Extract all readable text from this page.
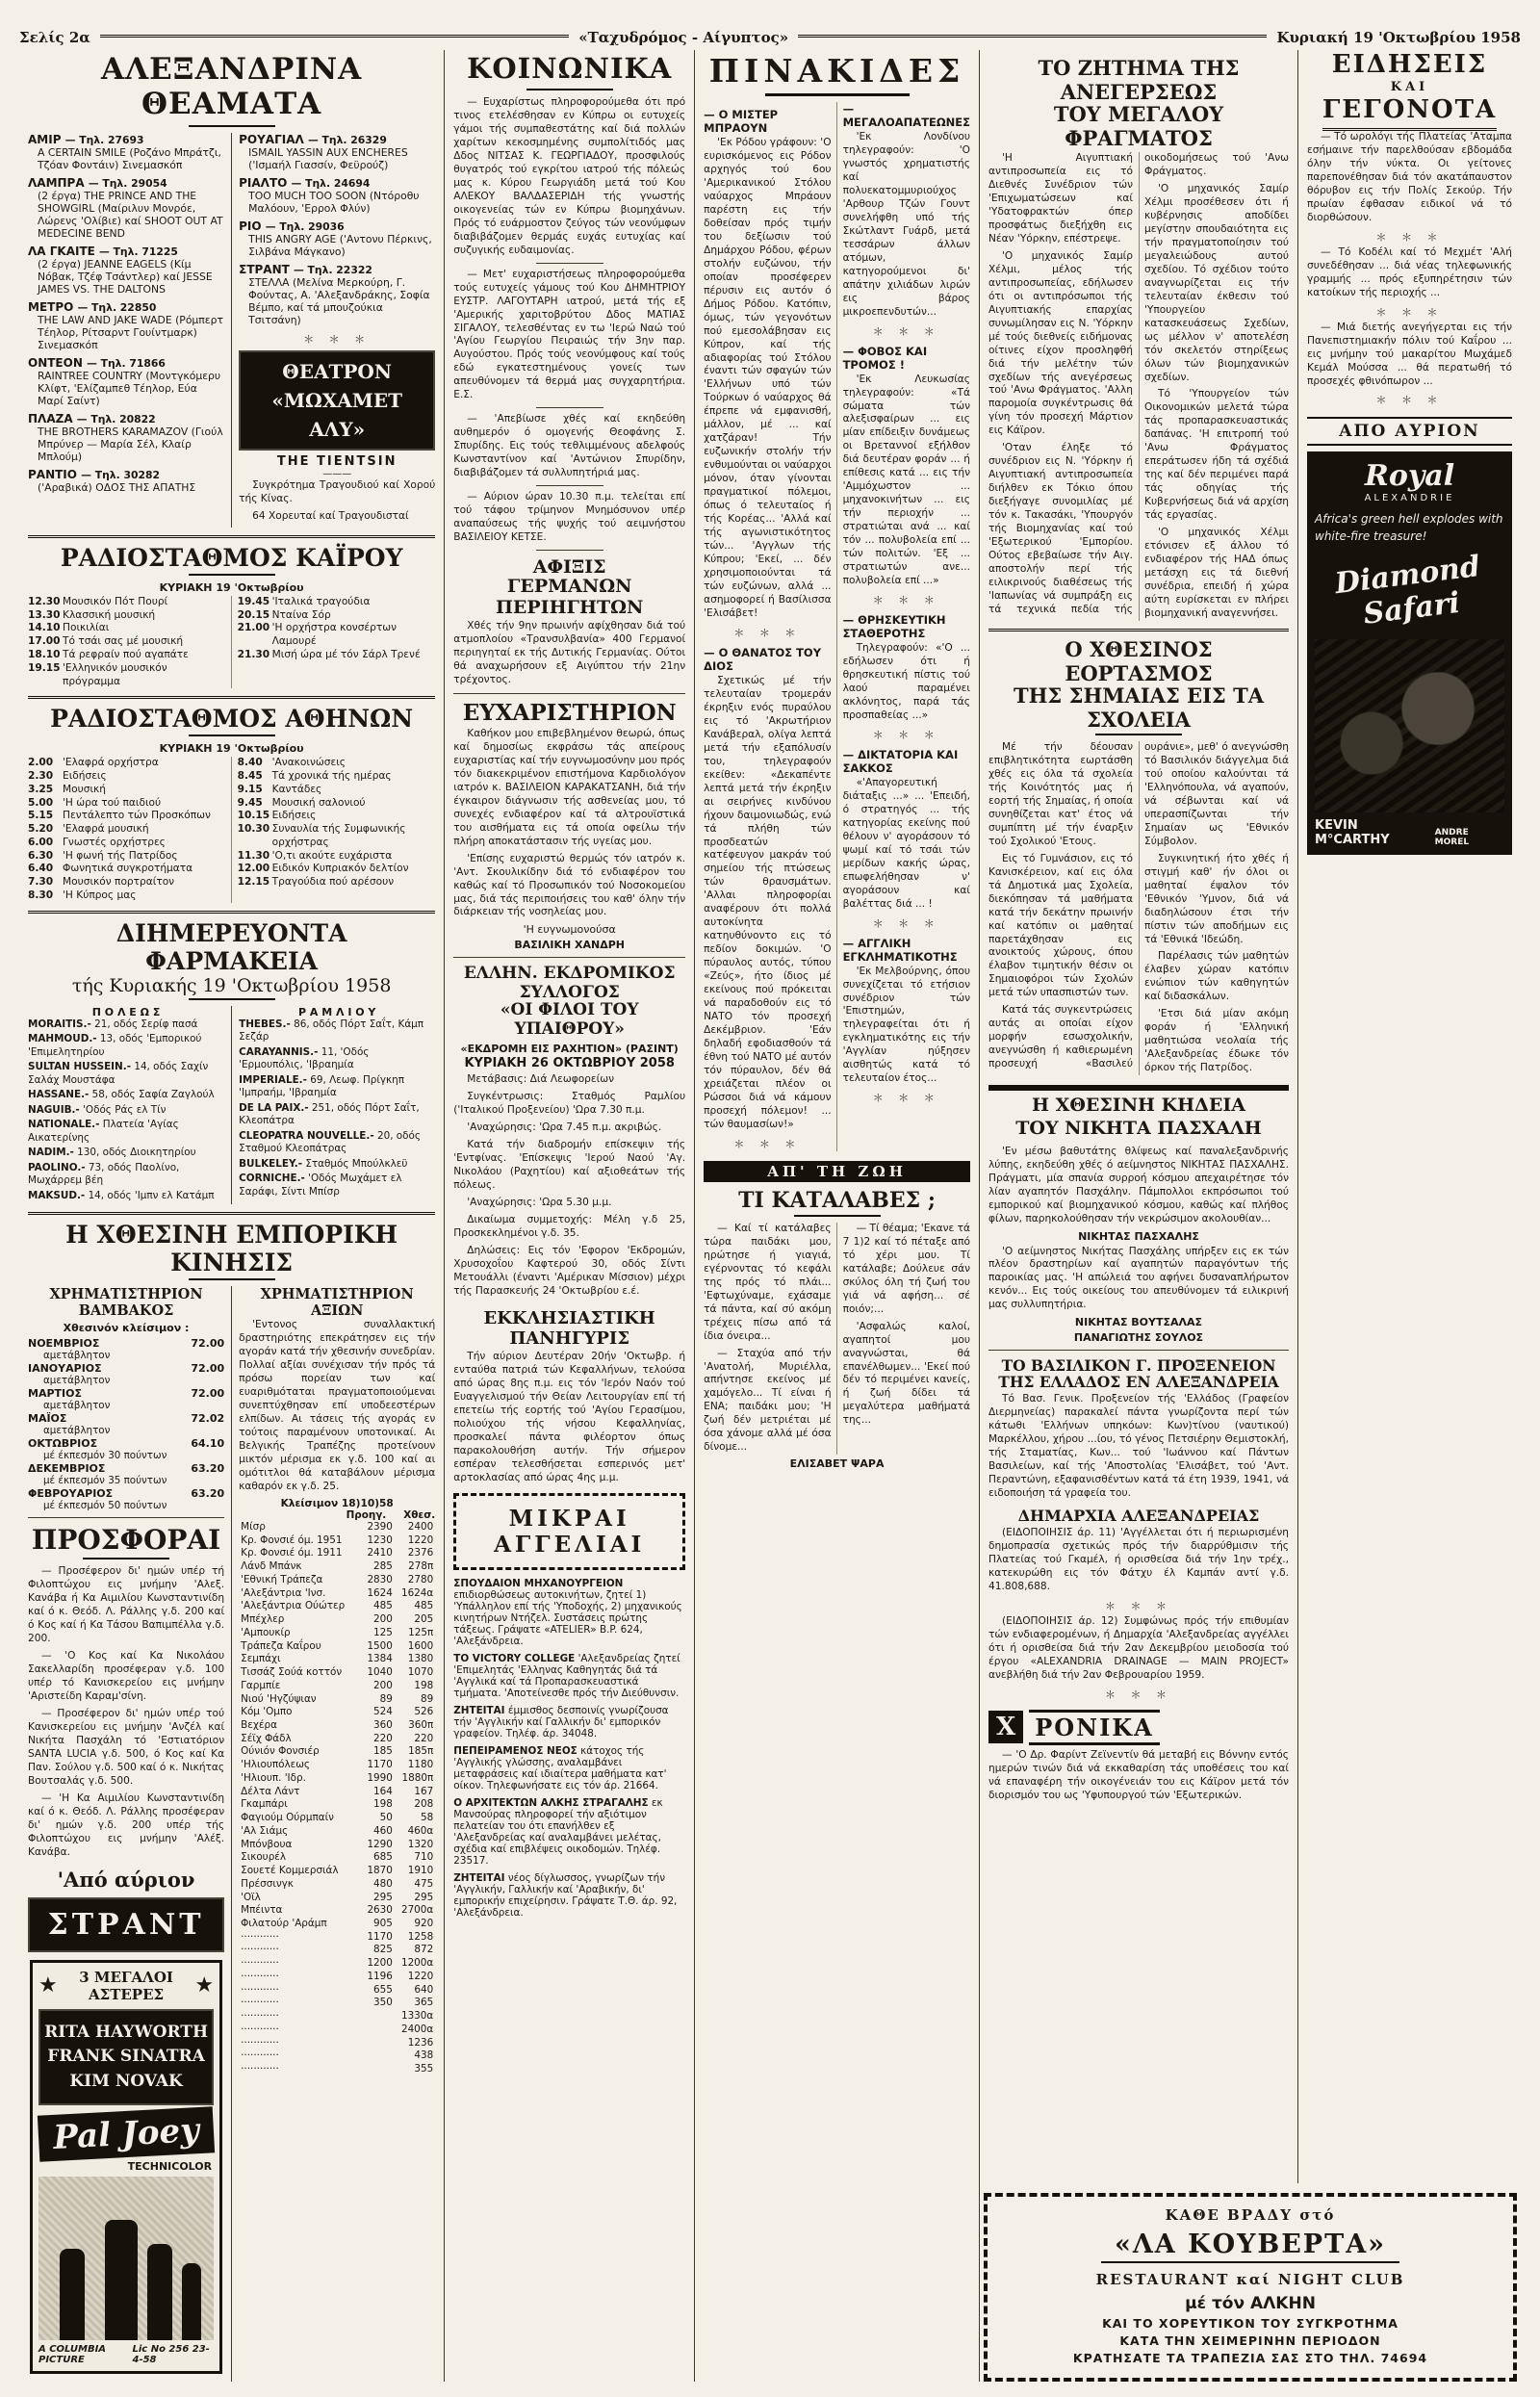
Σελίς 2α	«Ταχυδρόμος - Αίγυπτος»	Κυριακή 19 'Οκτωβρίου 1958
ΑΛΕΞΑΝΔΡΙΝΑ ΘΕΑΜΑΤΑ
ΑΜΙΡ — Τηλ. 27693
A CERTAIN SMILE (Ροζάνο Μπράτζι, Τζόαν Φοντάιν) Σινεμασκόπ
ΛΑΜΠΡΑ — Τηλ. 29054
(2 έργα) THE PRINCE AND THE SHOWGIRL (Μαίριλυν Μονρόε, Λώρενς 'Ολίβιε) καί SHOOT OUT AT MEDECINE BEND
ΛΑ ΓΚΑΙΤΕ — Τηλ. 71225
(2 έργα) JEANNE EAGELS (Κίμ Νόβακ, Τζέφ Τσάντλερ) καί JESSE JAMES VS. THE DALTONS
ΜΕΤΡΟ — Τηλ. 22850
THE LAW AND JAKE WADE (Ρόμπερτ Τέηλορ, Ρίτσαρντ Γουίντμαρκ) Σινεμασκόπ
ΟΝΤΕΟΝ — Τηλ. 71866
RAINTREE COUNTRY (Μοντγκόμερυ Κλίφτ, 'Ελίζαμπεθ Τέηλορ, Εύα Μαρί Σαίντ)
ΠΛΑΖΑ — Τηλ. 20822
THE BROTHERS KARAMAZOV (Γιούλ Μπρύνερ — Μαρία Σέλ, Κλαίρ Μπλούμ)
ΡΑΝΤΙΟ — Τηλ. 30282
('Αραβικά) ΟΔΟΣ ΤΗΣ ΑΠΑΤΗΣ
ΡΟΥΑΓΙΑΛ — Τηλ. 26329
ISMAIL YASSIN AUX ENCHERES ('Ισμαήλ Γιασσίν, Φεϋρούζ)
ΡΙΑΛΤΟ — Τηλ. 24694
TOO MUCH TOO SOON (Ντόροθυ Μαλόουν, 'Ερρολ Φλύν)
ΡΙΟ — Τηλ. 29036
THIS ANGRY AGE ('Αντονυ Πέρκινς, Σιλβάνα Μάγκανο)
ΣΤΡΑΝΤ — Τηλ. 22322
ΣΤΕΛΛΑ (Μελίνα Μερκούρη, Γ. Φούντας, Α. 'Αλεξανδράκης, Σοφία Βέμπο, καί τά μπουζούκια Τσιτσάνη)
＊ ＊ ＊
ΘΕΑΤΡΟΝ
«ΜΩΧΑΜΕΤ ΑΛΥ»
THE TIENTSIN
———

Συγκρότημα Τραγουδιού καί Χορού τής Κίνας.

64 Χορευταί καί Τραγουδισταί

ΡΑΔΙΟΣΤΑΘΜΟΣ ΚΑΪΡΟΥ
ΚΥΡΙΑΚΗ 19 'Οκτωβρίου
12.30 Μουσικόν Πότ Πουρί
13.30 Κλασσική μουσική
14.10 Ποικιλίαι
17.00 Τό τσάι σας μέ μουσική
18.10 Τά ρεφραίν πού αγαπάτε
19.15 'Ελληνικόν μουσικόν πρόγραμμα
19.45 'Ιταλικά τραγούδια
20.15 Νταίνα Σόρ
21.00 'Η ορχήστρα κονσέρτων Λαμουρέ
21.30 Μισή ώρα μέ τόν Σάρλ Τρενέ
ΡΑΔΙΟΣΤΑΘΜΟΣ ΑΘΗΝΩΝ
ΚΥΡΙΑΚΗ 19 'Οκτωβρίου
2.00 'Ελαφρά ορχήστρα
2.30 Ειδήσεις
3.25 Μουσική
5.00 'Η ώρα τού παιδιού
5.15 Πεντάλεπτο τών Προσκόπων
5.20 'Ελαφρά μουσική
6.00 Γνωστές ορχήστρες
6.30 'Η φωνή τής Πατρίδος
6.40 Φωνητικά συγκροτήματα
7.30 Μουσικόν πορτραίτον
8.30 'Η Κύπρος μας
8.40 'Ανακοινώσεις
8.45 Τά χρονικά τής ημέρας
9.15 Καντάδες
9.45 Μουσική σαλονιού
10.15 Ειδήσεις
10.30 Συναυλία τής Συμφωνικής ορχήστρας
11.30 'Ο,τι ακούτε ευχάριστα
12.00 Ειδικόν Κυπριακόν δελτίον
12.15 Τραγούδια πού αρέσουν
ΔΙΗΜΕΡΕΥΟΝΤΑ ΦΑΡΜΑΚΕΙΑ
τής Κυριακής 19 'Οκτωβρίου 1958
Π Ο Λ Ε Ω Σ
MORAITIS.- 21, οδός Σερίφ πασά
MAHMOUD.- 13, οδός 'Εμπορικού 'Επιμελητηρίου
SULTAN HUSSEIN.- 14, οδός Σαχίν Σαλάχ Μουστάφα
HASSANE.- 58, οδός Σαφία Ζαγλούλ
NAGUIB.- 'Οδός Ράς ελ Τίν
NATIONALE.- Πλατεία 'Αγίας Αικατερίνης
NADIM.- 130, οδός Διοικητηρίου
PAOLINO.- 73, οδός Παολίνο, Μωχάρρεμ βέη
MAKSUD.- 14, οδός 'Ιμπν ελ Κατάμπ
Ρ Α Μ Λ Ι Ο Υ
THEBES.- 86, οδός Πόρτ Σαΐτ, Κάμπ Σεζάρ
CARAYANNIS.- 11, 'Οδός 'Ερμουπόλις, 'Ιβραημία
IMPERIALE.- 69, Λεωφ. Πρίγκηπ 'Ιμπραήμ, 'Ιβραημία
DE LA PAIX.- 251, οδός Πόρτ Σαΐτ, Κλεοπάτρα
CLEOPATRA NOUVELLE.- 20, οδός Σταθμού Κλεοπάτρας
BULKELEY.- Σταθμός Μπούλκλεϋ
CORNICHE.- 'Οδός Μωχάμετ ελ Σαράφι, Σίντι Μπίσρ
Η ΧΘΕΣΙΝΗ ΕΜΠΟΡΙΚΗ ΚΙΝΗΣΙΣ
ΧΡΗΜΑΤΙΣΤΗΡΙΟΝ ΒΑΜΒΑΚΟΣ
Χθεσινόν κλείσιμον :
ΝΟΕΜΒΡΙΟΣ	72.00
αμετάβλητον
ΙΑΝΟΥΑΡΙΟΣ	72.00
αμετάβλητον
ΜΑΡΤΙΟΣ	72.00
αμετάβλητον
ΜΑΪΟΣ	72.02
αμετάβλητον
ΟΚΤΩΒΡΙΟΣ	64.10
μέ έκπεσμόν 30 πούντων
ΔΕΚΕΜΒΡΙΟΣ	63.20
μέ έκπεσμόν 35 πούντων
ΦΕΒΡΟΥΑΡΙΟΣ	63.20
μέ έκπεσμόν 50 πούντων
ΠΡΟΣΦΟΡΑΙ

— Προσέφερον δι' ημών υπέρ τή Φιλοπτώχου εις μνήμην 'Αλεξ. Κανάβα ή Κα Αιμιλίου Κωνσταντινίδη καί ό κ. Θεόδ. Λ. Ράλλης γ.δ. 200 καί ό Κος καί ή Κα Τάσου Βαπιμπέλλα γ.δ. 200.

— 'Ο Κος καί Κα Νικολάου Σακελλαρίδη προσέφεραν γ.δ. 100 υπέρ τό Κανισκερείου εις μνήμην 'Αριστείδη Καραμ'σίνη.

— Προσέφερον δι' ημών υπέρ τού Κανισκερείου εις μνήμην 'Ανζέλ καί Νικήτα Πασχάλη τό 'Εστιατόριον SANTA LUCIA γ.δ. 500, ό Κος καί Κα Παν. Σούλου γ.δ. 500 καί ό κ. Νικήτας Βουτσαλάς γ.δ. 500.

— 'Η Κα Αιμιλίου Κωνσταντινίδη καί ό κ. Θεόδ. Λ. Ράλλης προσέφεραν δι' ημών γ.δ. 200 υπέρ τής Φιλοπτώχου εις μνήμην 'Αλέξ. Κανάβα.

'Από αύριον
ΣΤΡΑΝΤ
★ 3 ΜΕΓΑΛΟΙ
ΑΣΤΕΡΕΣ	★
RITA HAYWORTH
FRANK SINATRA
KIM NOVAK
Pal Joey
TECHNICOLOR
A COLUMBIA PICTURE
Lic No 256 23-4-58
ΧΡΗΜΑΤΙΣΤΗΡΙΟΝ ΑΞΙΩΝ

'Εντονος συναλλακτική δραστηριότης επεκράτησεν εις τήν αγοράν κατά τήν χθεσινήν συνεδρίαν. Πολλαί αξίαι συνέχισαν τήν πρός τά πρόσω πορείαν των καί ευαριθμόταται πραγματοποιούμεναι συνεπτύχθησαν επί υποδεεστέρων ελπίδων. Αι τάσεις τής αγοράς εν τούτοις παραμένουν υποτονικαί. Αι Βελγικής Τραπέζης προτείνουν μικτόν μέρισμα εκ γ.δ. 100 καί αι ομότιτλοι θά καταβάλουν μέρισμα καθαρόν εκ γ.δ. 25.

Κλείσιμον 18)10)58
Προηγ. Χθεσ.
Μίσρ	2390	2400
Κρ. Φονσιέ όμ. 1951	1230	1220
Κρ. Φονσιέ όμ. 1911	2410	2376
Λάνδ Μπάνκ	285	278π
'Εθνική Τράπεζα	2830	2780
'Αλεξάντρια 'Ινσ.	1624	1624α
'Αλεξάντρια Ούώτερ	485	485
Μπέχλερ	200	205
'Αμπουκίρ	125	125π
Τράπεζα Καΐρου	1500	1600
Σεμπάχι	1384	1380
Τισσάζ Σούά κοττόν	1040	1070
Γαρμπίε	200	198
Νιού 'Ηγζύψιαν	89	89
Κόμ 'Ομπο	524	526
Βεχέρα	360	360π
Σέϊχ Φάδλ	220	220
Ούνιόν Φονσιέρ	185	185π
'Ηλιουπόλεως	1170	1180
'Ηλιουπ. 'Ιδρ.	1990	1880π
Δέλτα Λάντ	164	167
Γκαμπάρι	198	208
Φαγιούμ Ούρμπαίν	50	58
'Αλ Σιάμς	460	460α
Μπόνβουα	1290	1320
Σικουρέλ	685	710
Σουετέ Κομμερσιάλ	1870	1910
Πρέσσινγκ	480	475
'Οϊλ	295	295
Μπέιντα	2630	2700α
Φιλατούρ 'Αράμπ	905	920
············	1170	1258
············	825	872
············	1200	1200α
············	1196	1220
············	655	640
············	350	365
············		1330α
············		2400α
············		1236
············		438
············		355
ΚΟΙΝΩΝΙΚΑ

— Ευχαρίστως πληροφορούμεθα ότι πρό τινος ετελέσθησαν εν Κύπρω οι ευτυχείς γάμοι τής συμπαθεστάτης καί διά πολλών χαρίτων κεκοσμημένης συμπολίτιδός μας Δδος ΝΙΤΣΑΣ Κ. ΓΕΩΡΓΙΑΔΟΥ, προσφιλούς θυγατρός τού εγκρίτου ιατρού τής πόλεώς μας κ. Κύρου Γεωργιάδη μετά τού Κου ΑΛΕΚΟΥ ΒΑΛΔΑΣΕΡΙΔΗ τής γνωστής οικογενείας τών εν Κύπρω βιομηχάνων. Πρός τό ευάρμοστον ζεύγος τών νεονύμφων διαβιβάζομεν θερμάς ευχάς ευτυχίας καί συζυγικής ευδαιμονίας.

— Μετ' ευχαριστήσεως πληροφορούμεθα τούς ευτυχείς γάμους τού Κου ΔΗΜΗΤΡΙΟΥ ΕΥΣΤΡ. ΛΑΓΟΥΤΑΡΗ ιατρού, μετά τής εξ 'Αμερικής χαριτοβρύτου Δδος ΜΑΤΙΑΣ ΣΙΓΑΛΟΥ, τελεσθέντας εν τω 'Ιερώ Ναώ τού 'Αγίου Γεωργίου Πειραιώς τήν 3ην παρ. Αυγούστου. Πρός τούς νεονύμφους καί τούς εδώ εγκατεστημένους γονείς των απευθύνομεν τά θερμά μας συγχαρητήρια. Ε.Σ.

— 'Απεβίωσε χθές καί εκηδεύθη αυθημερόν ό ομογενής Θεοφάνης Σ. Σπυρίδης. Εις τούς τεθλιμμένους αδελφούς Κωνσταντίνον καί 'Αντώνιον Σπυρίδην, διαβιβάζομεν τά συλλυπητήριά μας.

— Αύριον ώραν 10.30 π.μ. τελείται επί τού τάφου τρίμηνον Μνημόσυνον υπέρ αναπαύσεως τής ψυχής τού αειμνήστου ΒΑΣΙΛΕΙΟΥ ΚΕΤΣΕ.

ΑΦΙΞΙΣ
ΓΕΡΜΑΝΩΝ ΠΕΡΙΗΓΗΤΩΝ

Χθές τήν 9ην πρωινήν αφίχθησαν διά τού ατμοπλοίου «Τρανσυλβανία» 400 Γερμανοί περιηγηταί εκ τής Δυτικής Γερμανίας. Ούτοι θά αναχωρήσουν εξ Αιγύπτου τήν 21ην τρέχοντος.

ΕΥΧΑΡΙΣΤΗΡΙΟΝ

Καθήκον μου επιβεβλημένον θεωρώ, όπως καί δημοσίως εκφράσω τάς απείρους ευχαριστίας καί τήν ευγνωμοσύνην μου πρός τόν διακεκριμένον επιστήμονα Καρδιολόγον ιατρόν κ. ΒΑΣΙΛΕΙΟΝ ΚΑΡΑΚΑΤΣΑΝΗ, διά τήν έγκαιρον διάγνωσιν τής ασθενείας μου, τό συνεχές ενδιαφέρον καί τά αλτρουϊστικά του αισθήματα εις τά οποία οφείλω τήν πλήρη αποκατάστασιν τής υγείας μου.

'Επίσης ευχαριστώ θερμώς τόν ιατρόν κ. 'Αντ. Σκουλικίδην διά τό ενδιαφέρον του καθώς καί τό Προσωπικόν τού Νοσοκομείου μας, διά τάς περιποιήσεις του καθ' όλην τήν διάρκειαν τής νοσηλείας μου.

'Η ευγνωμονούσα
ΒΑΣΙΛΙΚΗ ΧΑΝΔΡΗ
ΕΛΛΗΝ. ΕΚΔΡΟΜΙΚΟΣ ΣΥΛΛΟΓΟΣ
«ΟΙ ΦΙΛΟΙ ΤΟΥ ΥΠΑΙΘΡΟΥ»
«ΕΚΔΡΟΜΗ ΕΙΣ ΡΑΧΗΤΙΟΝ» (ΡΑΣΙΝΤ)
ΚΥΡΙΑΚΗ 26 ΟΚΤΩΒΡΙΟΥ 2058

Μετάβασις: Διά Λεωφορείων

Συγκέντρωσις: Σταθμός Ραμλίου ('Ιταλικού Προξενείου) 'Ωρα 7.30 π.μ.

'Αναχώρησις: 'Ωρα 7.45 π.μ. ακριβώς.

Κατά τήν διαδρομήν επίσκεψιν τής 'Εντφίνας. 'Επίσκεψις 'Ιερού Ναού 'Αγ. Νικολάου (Ραχητίου) καί αξιοθεάτων τής πόλεως.

'Αναχώρησις: 'Ωρα 5.30 μ.μ.

Δικαίωμα συμμετοχής: Μέλη γ.δ 25, Προσκεκλημένοι γ.δ. 35.

Δηλώσεις: Εις τόν 'Εφορον 'Εκδρομών, Χρυσοχοΐου Καφτερού 30, οδός Σίντι Μετουάλλι (έναντι 'Αμέρικαν Μίσσιον) μέχρι τής Παρασκευής 24 'Οκτωβρίου ε.έ.

ΕΚΚΛΗΣΙΑΣΤΙΚΗ ΠΑΝΗΓΥΡΙΣ

Τήν αύριον Δευτέραν 20ήν 'Οκτωβρ. ή ενταύθα πατριά τών Κεφαλλήνων, τελούσα από ώρας 8ης π.μ. εις τόν 'Ιερόν Ναόν τού Ευαγγελισμού τήν Θείαν Λειτουργίαν επί τή επετείω τής εορτής τού 'Αγίου Γερασίμου, πολιούχου τής νήσου Κεφαλληνίας, προσκαλεί πάντα φιλέορτον όπως παρακολουθήση αυτήν. Τήν σήμερον εσπέραν τελεσθήσεται εσπερινός μετ' αρτοκλασίας από ώρας 4ης μ.μ.

ΜΙΚΡΑΙ
ΑΓΓΕΛΙΑΙ
ΣΠΟΥΔΑΙΟΝ ΜΗΧΑΝΟΥΡΓΕΙΟΝ επιδιορθώσεως αυτοκινήτων, ζητεί 1) 'Υπάλληλον επί τής 'Υποδοχής, 2) μηχανικούς κινητήρων Ντήζελ. Συστάσεις πρώτης τάξεως. Γράψατε «ATELIER» B.P. 624, 'Αλεξάνδρεια.
ΤΟ VICTORY COLLEGE 'Αλεξανδρείας ζητεί 'Επιμελητάς 'Ελληνας Καθηγητάς διά τά 'Αγγλικά καί τά Προπαρασκευαστικά τμήματα. 'Αποτείνεσθε πρός τήν Διεύθυνσιν.
ΖΗΤΕΙΤΑΙ έμμισθος δεσποινίς γνωρίζουσα τήν 'Αγγλικήν καί Γαλλικήν δι' εμπορικόν γραφείον. Τηλέφ. άρ. 34048.
ΠΕΠΕΙΡΑΜΕΝΟΣ ΝΕΟΣ κάτοχος τής 'Αγγλικής γλώσσης, αναλαμβάνει μεταφράσεις καί ιδιαίτερα μαθήματα κατ' οίκον. Τηλεφωνήσατε εις τόν άρ. 21664.
Ο ΑΡΧΙΤΕΚΤΩΝ ΑΛΚΗΣ ΣΤΡΑΓΑΛΗΣ εκ Μανσούρας πληροφορεί τήν αξιότιμον πελατείαν του ότι επανήλθεν εξ 'Αλεξανδρείας καί αναλαμβάνει μελέτας, σχέδια καί επιβλέψεις οικοδομών. Τηλέφ. 23517.
ΖΗΤΕΙΤΑΙ νέος δίγλωσσος, γνωρίζων τήν 'Αγγλικήν, Γαλλικήν καί 'Αραβικήν, δι' εμπορικήν επιχείρησιν. Γράψατε Τ.Θ. άρ. 92, 'Αλεξάνδρεια.
ΠΙΝΑΚΙΔΕΣ
— Ο ΜΙΣΤΕΡ ΜΠΡΑΟΥΝ

'Εκ Ρόδου γράφουν: 'Ο ευρισκόμενος εις Ρόδον αρχηγός τού 6ου 'Αμερικανικού Στόλου ναύαρχος Μπράουν παρέστη εις τήν δοθείσαν πρός τιμήν του δεξίωσιν τού Δημάρχου Ρόδου, φέρων στολήν ευζώνου, τήν οποίαν προσέφερεν πέρυσιν εις αυτόν ό Δήμος Ρόδου. Κατόπιν, όμως, τών γεγονότων πού εμεσολάβησαν εις Κύπρον, καί τής αδιαφορίας τού Στόλου έναντι τών σφαγών τών 'Ελλήνων υπό τών Τούρκων ό ναύαρχος θά έπρεπε νά εμφανισθή, μάλλον, μέ ... καί χατζάραν! Τήν ευζωνικήν στολήν τήν ενθυμούνται οι ναύαρχοι μόνον, όταν γίνονται πραγματικοί πόλεμοι, όπως ό τελευταίος ή τής Κορέας... 'Αλλά καί τής αγωνιστικότητος τών... 'Αγγλων τής Κύπρου; 'Εκεί, ... δέν χρησιμοποιούνται τά τών ευζώνων, αλλά ... ασημοφορεί ή Βασίλισσα 'Ελισάβετ!

＊ ＊ ＊
— Ο ΘΑΝΑΤΟΣ ΤΟΥ ΔΙΟΣ

Σχετικώς μέ τήν τελευταίαν τρομεράν έκρηξιν ενός πυραύλου εις τό 'Ακρωτήριον Κανάβεραλ, ολίγα λεπτά μετά τήν εξαπόλυσίν του, τηλεγραφούν εκείθεν: «Δεκαπέντε λεπτά μετά τήν έκρηξιν αι σειρήνες κινδύνου ήχουν δαιμονιωδώς, ενώ τά πλήθη τών προσδεατών κατέφευγον μακράν τού σημείου τής πτώσεως τών θραυσμάτων. 'Αλλαι πληροφορίαι αναφέρουν ότι πολλά αυτοκίνητα κατηυθύνοντο εις τό πεδίον δοκιμών. 'Ο πύραυλος αυτός, τύπου «Ζεύς», ήτο ίδιος μέ εκείνους πού πρόκειται νά παραδοθούν εις τό ΝΑΤΟ τόν προσεχή Δεκέμβριον. 'Εάν δηλαδή εφοδιασθούν τά έθνη τού ΝΑΤΟ μέ αυτόν τόν πύραυλον, δέν θά χρειάζεται πλέον οι Ρώσσοι διά νά κάμουν προσεχή πόλεμον! ... τών θαυμασίων!»

＊ ＊ ＊
— ΜΕΓΑΛΟΑΠΑΤΕΩΝΕΣ

'Εκ Λονδίνου τηλεγραφούν: 'Ο γνωστός χρηματιστής καί πολυεκατομμυριούχος 'Αρθουρ Τζών Γουντ συνελήφθη υπό τής Σκώτλαντ Γυάρδ, μετά τεσσάρων άλλων ατόμων, κατηγορούμενοι δι' απάτην χιλιάδων λιρών εις βάρος μικροεπενδυτών...

＊ ＊ ＊
— ΦΟΒΟΣ ΚΑΙ ΤΡΟΜΟΣ !

'Εκ Λευκωσίας τηλεγραφούν: «Τά σώματα τών αλεξισφαίρων ... εις μίαν επίδειξιν δυνάμεως οι Βρεταννοί εξήλθον διά δευτέραν φοράν ... ή επίθεσις κατά ... εις τήν 'Αμμόχωστον ... μηχανοκινήτων ... εις τήν περιοχήν ... στρατιώται ανά ... καί τόν ... πολυβολεία επί ... τών πολιτών. 'Εξ ... στρατιωτών ανε... πολυβολεία επί ...»

＊ ＊ ＊
— ΘΡΗΣΚΕΥΤΙΚΗ ΣΤΑΘΕΡΟΤΗΣ

Τηλεγραφούν: «'Ο ... εδήλωσεν ότι ή θρησκευτική πίστις τού λαού παραμένει ακλόνητος, παρά τάς προσπαθείας ...»

＊ ＊ ＊
— ΔΙΚΤΑΤΟΡΙΑ ΚΑΙ ΣΑΚΚΟΣ

«'Απαγορευτική διάταξις ...» ... 'Επειδή, ό στρατηγός ... τής κατηγορίας εκείνης πού θέλουν ν' αγοράσουν τό ψωμί καί τό τσάι τών μερίδων κακής ώρας, επωφελήθησαν ν' αγοράσουν καί βαλέττας διά ... !

＊ ＊ ＊
— ΑΓΓΛΙΚΗ ΕΓΚΛΗΜΑΤΙΚΟΤΗΣ

'Εκ Μελβούρνης, όπου συνεχίζεται τό ετήσιον συνέδριον τών 'Επιστημών, τηλεγραφείται ότι ή εγκληματικότης εις τήν 'Αγγλίαν ηύξησεν αισθητώς κατά τό τελευταίον έτος...

＊ ＊ ＊
ΑΠ' ΤΗ ΖΩΗ
ΤΙ ΚΑΤΑΛΑΒΕΣ ;

— Καί τί κατάλαβες τώρα παιδάκι μου, ηρώτησε ή γιαγιά, εγέρνοντας τό κεφάλι της πρός τό πλάι... 'Εφτωχύναμε, εχάσαμε τά πάντα, καί σύ ακόμη τρέχεις πίσω από τά ίδια όνειρα...

— Σταχύα από τήν 'Ανατολή, Μυριέλλα, απήντησε εκείνος μέ χαμόγελο... Τί είναι ή ΕΝΑ; παιδάκι μου; 'Η ζωή δέν μετριέται μέ όσα χάνομε αλλά μέ όσα δίνομε...

— Τί θέαμα; 'Εκανε τά 7 1)2 καί τό πέταξε από τό χέρι μου. Τί κατάλαβε; Δούλευε σάν σκύλος όλη τή ζωή του γιά νά αφήση... σέ ποιόν;...

'Ασφαλώς καλοί, αγαπητοί μου αναγνώσται, θά επανέλθωμεν... 'Εκεί πού δέν τό περιμένει κανείς, ή ζωή δίδει τά μεγαλύτερα μαθήματά της...

ΕΛΙΣΑΒΕΤ ΨΑΡΑ
ΤΟ ΖΗΤΗΜΑ ΤΗΣ ΑΝΕΓΕΡΣΕΩΣ
ΤΟΥ ΜΕΓΑΛΟΥ ΦΡΑΓΜΑΤΟΣ

'Η Αιγυπτιακή αντιπροσωπεία εις τό Διεθνές Συνέδριον τών 'Επιχωματώσεων καί 'Υδατοφρακτών όπερ προσφάτως διεξήχθη εις Νέαν 'Υόρκην, επέστρεψε.

'Ο μηχανικός Σαμίρ Χέλμι, μέλος τής αντιπροσωπείας, εδήλωσεν ότι οι αντιπρόσωποι τής Αιγυπτιακής επαρχίας συνωμίλησαν εις Ν. 'Υόρκην μέ τούς διεθνείς ειδήμονας οίτινες είχον προσληφθή διά τήν μελέτην τών σχεδίων τής ανεγέρσεως τού 'Ανω Φράγματος. 'Αλλη παρομοία συγκέντρωσις θά γίνη τόν προσεχή Μάρτιον εις Κάϊρον.

'Οταν έληξε τό συνέδριον εις Ν. 'Υόρκην ή Αιγυπτιακή αντιπροσωπεία διήλθεν εκ Τόκιο όπου διεξήγαγε συνομιλίας μέ τόν κ. Τακασάκι, 'Υπουργόν τής Βιομηχανίας καί τού 'Εξωτερικού 'Εμπορίου. Ούτος εβεβαίωσε τήν Αιγ. αποστολήν περί τής ειλικρινούς διαθέσεως τής 'Ιαπωνίας νά συμπράξη εις τά τεχνικά πεδία τής οικοδομήσεως τού 'Ανω Φράγματος.

'Ο μηχανικός Σαμίρ Χέλμι προσέθεσεν ότι ή κυβέρνησις αποδίδει μεγίστην σπουδαιότητα εις τήν πραγματοποίησιν τού μεγαλειώδους αυτού σχεδίου. Τό σχέδιον τούτο αναγνωρίζεται εις τήν τελευταίαν έκθεσιν τού 'Υπουργείου κατασκευάσεως Σχεδίων, ως μέλλον ν' αποτελέση τόν σκελετόν στηρίξεως όλων τών βιομηχανικών σχεδίων.

Τό 'Υπουργείον τών Οικονομικών μελετά τώρα τάς προπαρασκευαστικάς δαπάνας. 'Η επιτροπή τού 'Ανω Φράγματος επεράτωσεν ήδη τά σχέδιά της καί δέν περιμένει παρά τάς οδηγίας τής Κυβερνήσεως διά νά αρχίση τάς εργασίας.

'Ο μηχανικός Χέλμι ετόνισεν εξ άλλου τό ενδιαφέρον τής ΗΑΔ όπως μετάσχη εις τά διεθνή συνέδρια, επειδή ή χώρα αύτη ευρίσκεται εν πλήρει βιομηχανική αναγεννήσει.

Ο ΧΘΕΣΙΝΟΣ ΕΟΡΤΑΣΜΟΣ
ΤΗΣ ΣΗΜΑΙΑΣ ΕΙΣ ΤΑ ΣΧΟΛΕΙΑ

Μέ τήν δέουσαν επιβλητικότητα εωρτάσθη χθές εις όλα τά σχολεία τής Κοινότητός μας ή εορτή τής Σημαίας, ή οποία συνηθίζεται κατ' έτος νά συμπίπτη μέ τήν έναρξιν τού Σχολικού 'Ετους.

Εις τό Γυμνάσιον, εις τό Κανισκέρειον, καί εις όλα τά Δημοτικά μας Σχολεία, διεκόπησαν τά μαθήματα κατά τήν δεκάτην πρωινήν καί κατόπιν οι μαθηταί παρετάχθησαν εις ανοικτούς χώρους, όπου έλαβον τιμητικήν θέσιν οι Σημαιοφόροι τών Σχολών μετά τών υπασπιστών των.

Κατά τάς συγκεντρώσεις αυτάς αι οποίαι είχον μορφήν εσωσχολικήν, ανεγνώσθη ή καθιερωμένη προσευχή «Βασιλεύ ουράνιε», μεθ' ό ανεγνώσθη τό Βασιλικόν διάγγελμα διά τού οποίου καλούνται τά 'Ελληνόπουλα, νά αγαπούν, νά σέβωνται καί νά υπερασπίζωνται τήν Σημαίαν ως 'Εθνικόν Σύμβολον.

Συγκινητική ήτο χθές ή στιγμή καθ' ήν όλοι οι μαθηταί έψαλον τόν 'Εθνικόν 'Υμνον, διά νά διαδηλώσουν έτσι τήν πίστιν τών αποδήμων εις τά 'Εθνικά 'Ιδεώδη.

Παρέλασις τών μαθητών έλαβεν χώραν κατόπιν ενώπιον τών καθηγητών καί διδασκάλων.

'Ετσι διά μίαν ακόμη φοράν ή 'Ελληνική μαθητιώσα νεολαία τής 'Αλεξανδρείας έδωκε τόν όρκον τής Πατρίδος.

Η ΧΘΕΣΙΝΗ ΚΗΔΕΙΑ
ΤΟΥ ΝΙΚΗΤΑ ΠΑΣΧΑΛΗ

'Εν μέσω βαθυτάτης θλίψεως καί παναλεξανδρινής λύπης, εκηδεύθη χθές ό αείμνηστος ΝΙΚΗΤΑΣ ΠΑΣΧΑΛΗΣ. Πράγματι, μία σπανία συρροή κόσμου απεχαιρέτησε τόν λίαν αγαπητόν Πασχάλην. Πάμπολλοι εκπρόσωποι τού εμπορικού καί βιομηχανικού κόσμου, καθώς καί πλήθος φίλων, παρηκολούθησαν τήν νεκρώσιμον ακολουθίαν...

ΝΙΚΗΤΑΣ ΠΑΣΧΑΛΗΣ

'Ο αείμνηστος Νικήτας Πασχάλης υπήρξεν εις εκ τών πλέον δραστηρίων καί αγαπητών παραγόντων τής παροικίας μας. 'Η απώλειά του αφήνει δυσαναπλήρωτον κενόν... Εις τούς οικείους του απευθύνομεν τά ειλικρινή μας συλλυπητήρια.

ΝΙΚΗΤΑΣ ΒΟΥΤΣΑΛΑΣ
ΠΑΝΑΓΙΩΤΗΣ ΣΟΥΛΟΣ
ΤΟ ΒΑΣΙΛΙΚΟΝ Γ. ΠΡΟΞΕΝΕΙΟΝ
ΤΗΣ ΕΛΛΑΔΟΣ ΕΝ ΑΛΕΞΑΝΔΡΕΙΑ

Τό Βασ. Γενικ. Προξενείον τής 'Ελλάδος (Γραφείον Διερμηνείας) παρακαλεί πάντα γνωρίζοντα περί τών κάτωθι 'Ελλήνων υπηκόων: Κων)τίνου (ναυτικού) Μαρκέλλου, χήρου ...ίου, τό γένος Πετσιέρην Θεμιστοκλή, τής Σταματίας, Κων... τού 'Ιωάννου καί Πάντων Βασιλείων, καί τής 'Αποστολίας 'Ελισάβετ, τού 'Αντ. Περαντώνη, εξαφανισθέντων κατά τά έτη 1939, 1941, νά ειδοποιήση τά γραφεία του.

ΔΗΜΑΡΧΙΑ ΑΛΕΞΑΝΔΡΕΙΑΣ

(ΕΙΔΟΠΟΙΗΣΙΣ άρ. 11) 'Αγγέλλεται ότι ή περιωρισμένη δημοπρασία σχετικώς πρός τήν διαρρύθμισιν τής Πλατείας τού Γκαμέλ, ή ορισθείσα διά τήν 1ην τρέχ., κατεκυρώθη εις τόν Φάτχυ έλ Καμπάν αντί γ.δ. 41.808,688.

＊ ＊ ＊

(ΕΙΔΟΠΟΙΗΣΙΣ άρ. 12) Συμφώνως πρός τήν επιθυμίαν τών ενδιαφερομένων, ή Δημαρχία 'Αλεξανδρείας αγγέλλει ότι ή ορισθείσα διά τήν 2αν Δεκεμβρίου μειοδοσία τού έργου «ALEXANDRIA DRAINAGE — MAIN PROJECT» ανεβλήθη διά τήν 2αν Φεβρουαρίου 1959.

＊ ＊ ＊
Χ ΡΟΝΙΚΑ

— 'Ο Δρ. Φαρίντ Ζεϊνεντίν θά μεταβή εις Βόννην εντός ημερών τινών διά νά εκκαθαρίση τάς υποθέσεις του καί νά επαναφέρη τήν οικογένειάν του εις Κάϊρον μετά τόν διορισμόν του ως 'Υφυπουργού τών 'Εξωτερικών.

ΕΙΔΗΣΕΙΣ
ΚΑΙ
ΓΕΓΟΝΟΤΑ

— Τό ωρολόγι τής Πλατείας 'Αταμπα εσήμαινε τήν παρελθούσαν εβδομάδα όλην τήν νύκτα. Οι γείτονες παρεπονέθησαν διά τόν ακατάπαυστον θόρυβον εις τήν Πολίς Σεκούρ. Τήν πρωίαν έφθασαν ειδικοί νά τό διορθώσουν.

＊ ＊ ＊

— Τό Κοδέλι καί τό Μεχμέτ 'Αλή συνεδέθησαν ... διά νέας τηλεφωνικής γραμμής ... πρός εξυπηρέτησιν τών κατοίκων τής περιοχής ...

＊ ＊ ＊

— Μιά διετής ανεγήγερται εις τήν Πανεπιστημιακήν πόλιν τού Καΐρου ... εις μνήμην τού μακαρίτου Μωχάμεδ Κεμάλ Μούσσα ... θά περατωθή τό προσεχές φθινόπωρον ...

＊ ＊ ＊
ΑΠΟ ΑΥΡΙΟΝ
Royal
ALEXANDRIE
Africa's green hell explodes with white-fire treasure!
Diamond Safari
KEVIN M°CARTHY	ANDRE MOREL
ΚΑΘΕ ΒΡΑΔΥ στό
«ΛΑ ΚΟΥΒΕΡΤΑ»
RESTAURANT καί NIGHT CLUB
μέ τόν ΑΛΚΗΝ
ΚΑΙ ΤΟ ΧΟΡΕΥΤΙΚΟΝ ΤΟΥ ΣΥΓΚΡΟΤΗΜΑ
ΚΑΤΑ ΤΗΝ ΧΕΙΜΕΡΙΝΗΝ ΠΕΡΙΟΔΟΝ
ΚΡΑΤΗΣΑΤΕ ΤΑ ΤΡΑΠΕΖΙΑ ΣΑΣ ΣΤΟ ΤΗΛ. 74694
